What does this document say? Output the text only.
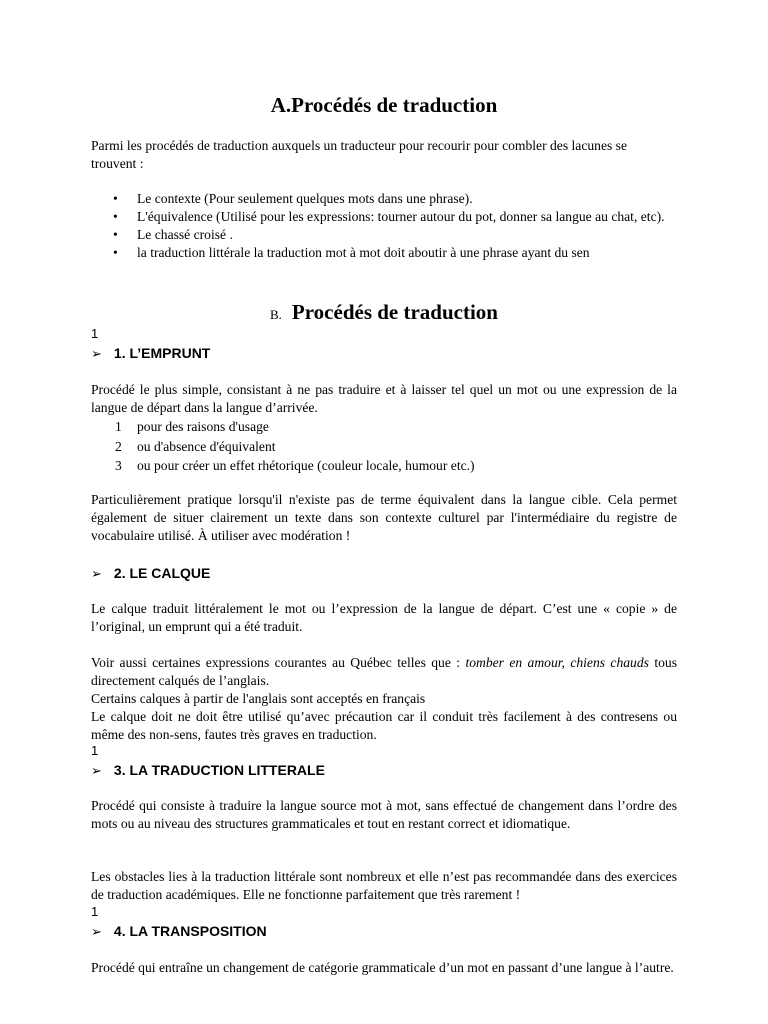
A.Procédés de traduction
Parmi les procédés de traduction auxquels un traducteur pour recourir pour combler des lacunes se trouvent :
• Le contexte (Pour seulement quelques mots dans une phrase).
• L'équivalence (Utilisé pour les expressions: tourner autour du pot, donner sa langue au chat, etc).
• Le chassé croisé .
• la traduction littérale la traduction mot à mot doit aboutir à une phrase ayant du sen
B. Procédés de traduction
1
➢ 1. L’EMPRUNT
Procédé le plus simple, consistant à ne pas traduire et à laisser tel quel un mot ou une expression de la langue de départ dans la langue d’arrivée.
1 pour des raisons d'usage
2 ou d'absence d'équivalent
3 ou pour créer un effet rhétorique (couleur locale, humour etc.)
Particulièrement pratique lorsqu'il n'existe pas de terme équivalent dans la langue cible. Cela permet également de situer clairement un texte dans son contexte culturel par l'intermédiaire du registre de vocabulaire utilisé. À utiliser avec modération !
➢ 2. LE CALQUE
Le calque traduit littéralement le mot ou l’expression de la langue de départ. C’est une « copie » de l’original, un emprunt qui a été traduit.
Voir aussi certaines expressions courantes au Québec telles que : tomber en amour, chiens chauds tous directement calqués de l’anglais.
Certains calques à partir de l'anglais sont acceptés en français
Le calque doit ne doit être utilisé qu’avec précaution car il conduit très facilement à des contresens ou même des non-sens, fautes très graves en traduction.
1
➢ 3. LA TRADUCTION LITTERALE
Procédé qui consiste à traduire la langue source mot à mot, sans effectué de changement dans l’ordre des mots ou au niveau des structures grammaticales et tout en restant correct et idiomatique.
Les obstacles lies à la traduction littérale sont nombreux et elle n’est pas recommandée dans des exercices de traduction académiques. Elle ne fonctionne parfaitement que très rarement !
1
➢ 4. LA TRANSPOSITION
Procédé qui entraîne un changement de catégorie grammaticale d’un mot en passant d’une langue à l’autre.
